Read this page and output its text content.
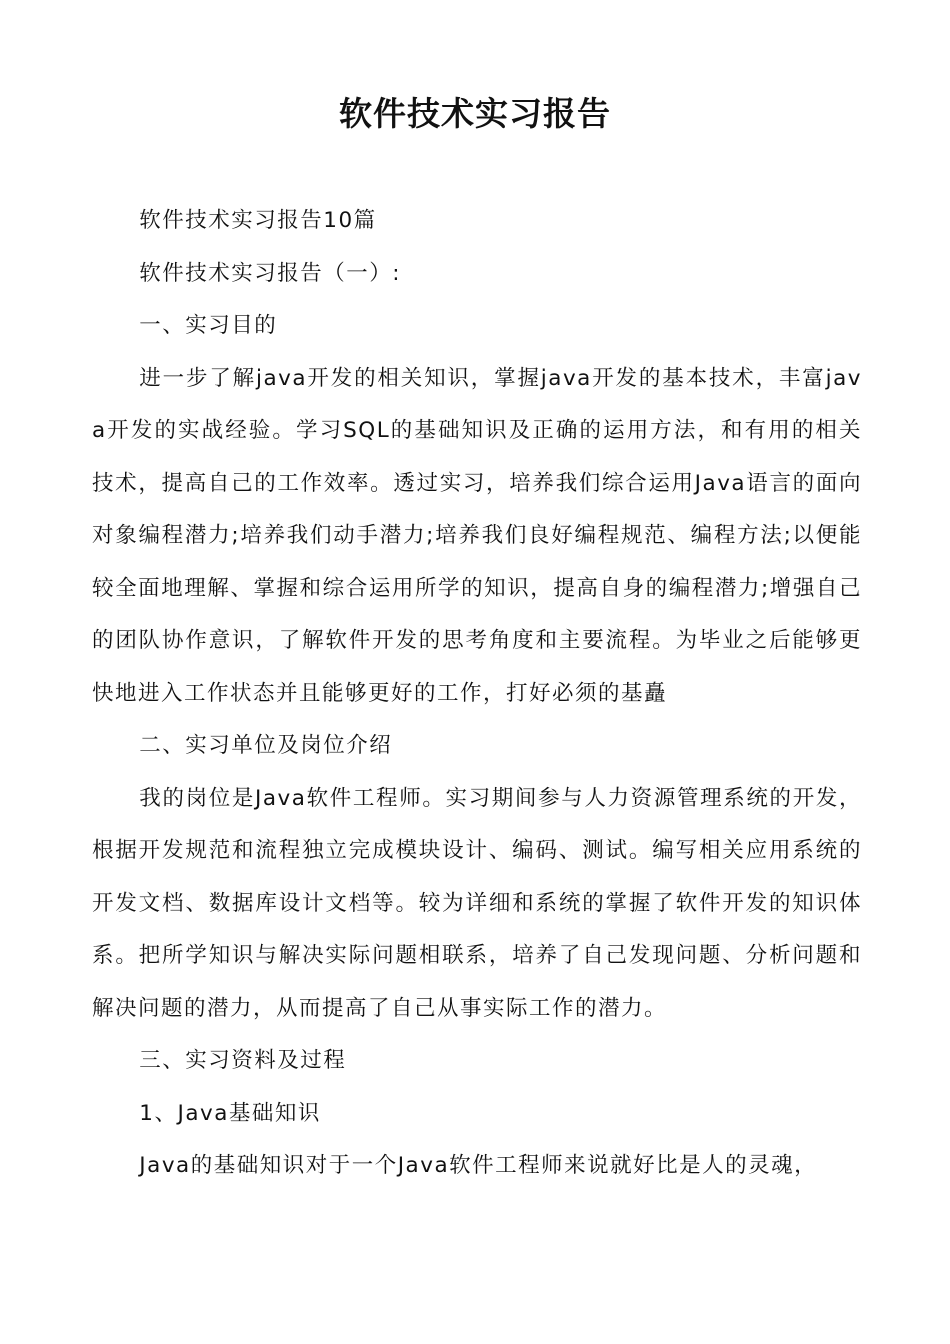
软件技术实习报告

软件技术实习报告10篇

软件技术实习报告（一）:

一、实习目的

进一步了解java开发的相关知识，掌握java开发的基本技术，丰富java开发的实战经验。学习SQL的基础知识及正确的运用方法，和有用的相关技术，提高自己的工作效率。透过实习，培养我们综合运用Java语言的面向对象编程潜力;培养我们动手潜力;培养我们良好编程规范、编程方法;以便能较全面地理解、掌握和综合运用所学的知识，提高自身的编程潜力;增强自己的团队协作意识，了解软件开发的思考角度和主要流程。为毕业之后能够更快地进入工作状态并且能够更好的工作，打好必须的基矗

二、实习单位及岗位介绍

我的岗位是Java软件工程师。实习期间参与人力资源管理系统的开发，根据开发规范和流程独立完成模块设计、编码、测试。编写相关应用系统的开发文档、数据库设计文档等。较为详细和系统的掌握了软件开发的知识体系。把所学知识与解决实际问题相联系，培养了自己发现问题、分析问题和解决问题的潜力，从而提高了自己从事实际工作的潜力。

三、实习资料及过程

1、Java基础知识

Java的基础知识对于一个Java软件工程师来说就好比是人的灵魂，
